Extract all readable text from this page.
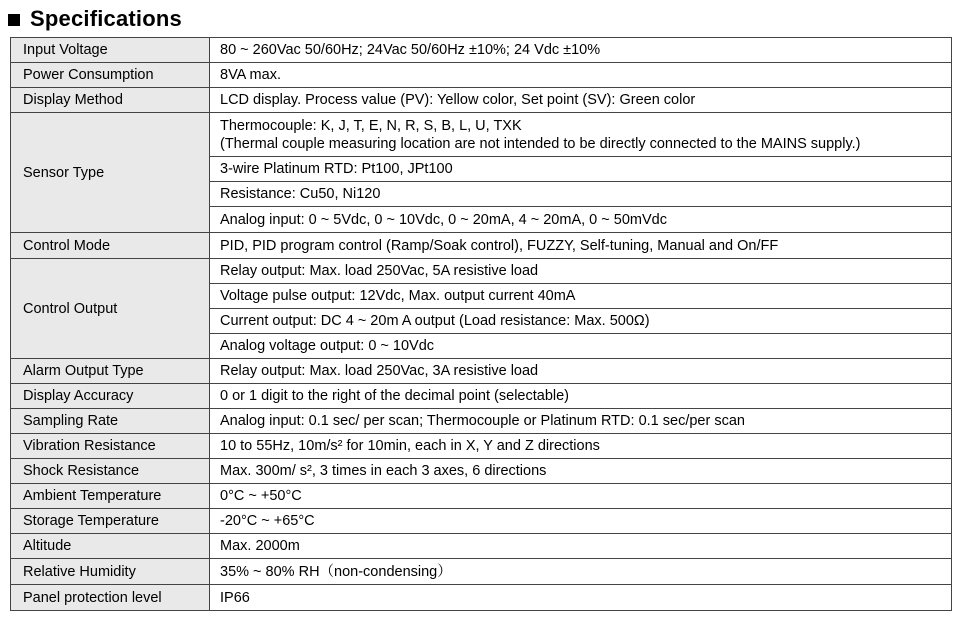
Specifications
Input Voltage	80 ~ 260Vac 50/60Hz; 24Vac 50/60Hz ±10%; 24 Vdc ±10%
Power Consumption	8VA max.
Display Method	LCD display. Process value (PV): Yellow color, Set point (SV): Green color
Sensor Type	Thermocouple: K, J, T, E, N, R, S, B, L, U, TXK
(Thermal couple measuring location are not intended to be directly connected to the MAINS supply.)

	3-wire Platinum RTD: Pt100, JPt100
	Resistance: Cu50, Ni120
	Analog input: 0 ~ 5Vdc, 0 ~ 10Vdc, 0 ~ 20mA, 4 ~ 20mA, 0 ~ 50mVdc
Control Mode	PID, PID program control (Ramp/Soak control), FUZZY, Self-tuning, Manual and On/FF
Control Output	Relay output: Max. load 250Vac, 5A resistive load
	Voltage pulse output: 12Vdc, Max. output current 40mA
	Current output: DC 4 ~ 20m A output (Load resistance: Max. 500Ω)
	Analog voltage output: 0 ~ 10Vdc
Alarm Output Type	Relay output: Max. load 250Vac, 3A resistive load
Display Accuracy	0 or 1 digit to the right of the decimal point (selectable)
Sampling Rate	Analog input: 0.1 sec/ per scan; Thermocouple or Platinum RTD: 0.1 sec/per scan
Vibration Resistance	10 to 55Hz, 10m/s² for 10min, each in X, Y and Z directions
Shock Resistance	Max. 300m/ s², 3 times in each 3 axes, 6 directions
Ambient Temperature	0°C ~ +50°C
Storage Temperature	-20°C ~ +65°C
Altitude	Max. 2000m
Relative Humidity	35% ~ 80% RH（non-condensing）
Panel protection level	IP66
